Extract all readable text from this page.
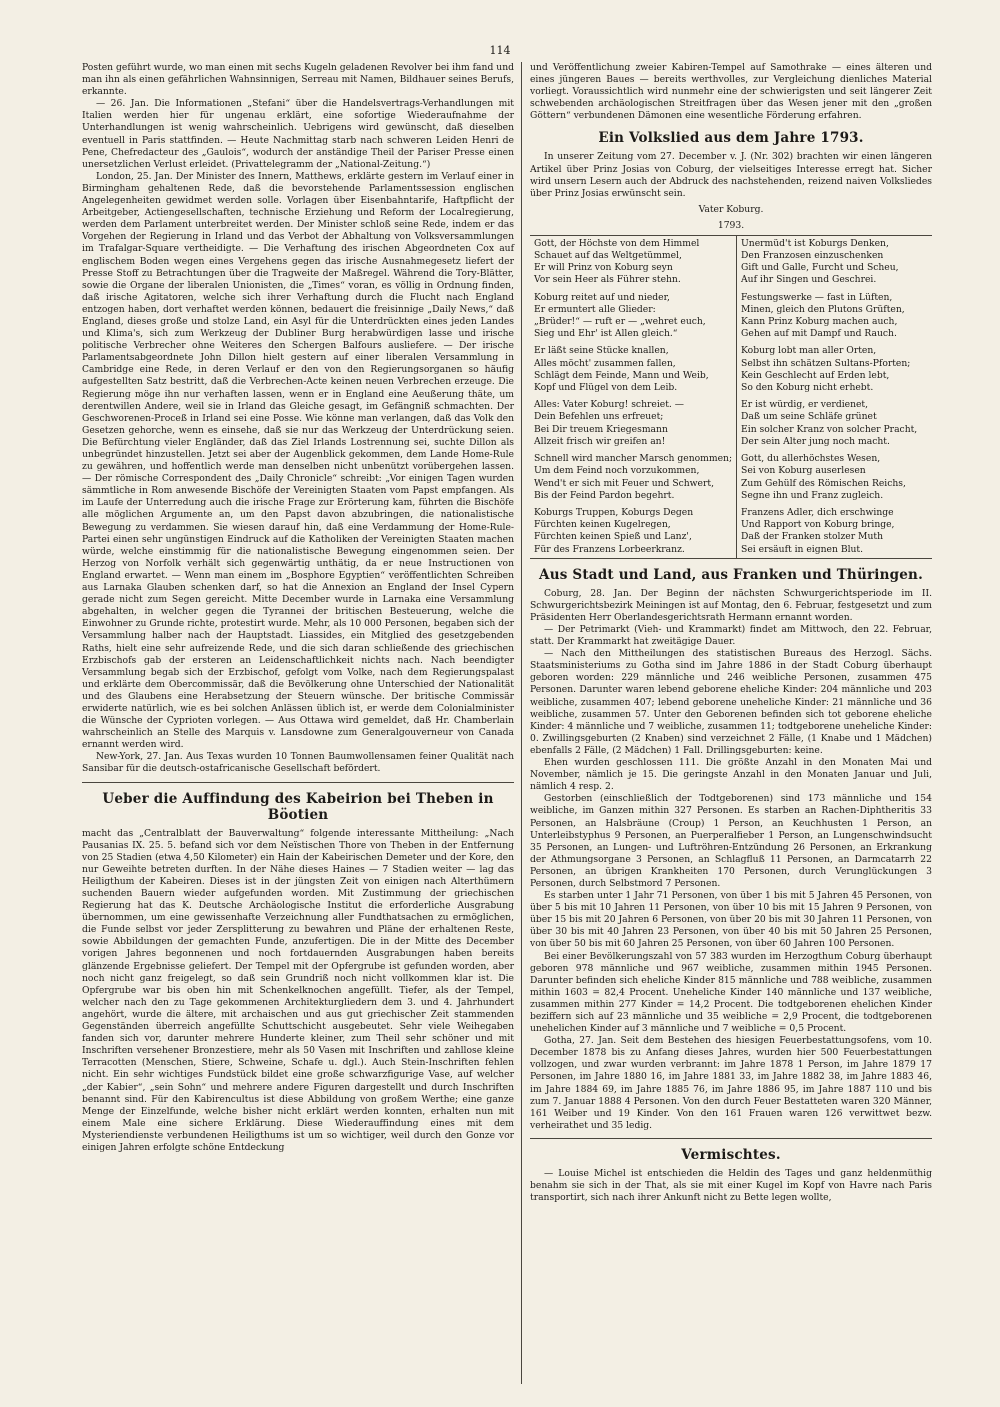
114

Posten geführt wurde, wo man einen mit sechs Kugeln geladenen Revolver bei ihm fand und man ihn als einen gefährlichen Wahnsinnigen, Serreau mit Namen, Bildhauer seines Berufs, erkannte.

— 26. Jan. Die Informationen „Stefani“ über die Handelsvertrags-Verhandlungen mit Italien werden hier für ungenau erklärt, eine sofortige Wiederaufnahme der Unterhandlungen ist wenig wahrscheinlich. Uebrigens wird gewünscht, daß dieselben eventuell in Paris stattfinden. — Heute Nachmittag starb nach schweren Leiden Henri de Pene, Chefredacteur des „Gaulois“, wodurch der anständige Theil der Pariser Presse einen unersetzlichen Verlust erleidet. (Privattelegramm der „National-Zeitung.“)

London, 25. Jan. Der Minister des Innern, Matthews, erklärte gestern im Verlauf einer in Birmingham gehaltenen Rede, daß die bevorstehende Parlamentssession englischen Angelegenheiten gewidmet werden solle. Vorlagen über Eisenbahntarife, Haftpflicht der Arbeitgeber, Actiengesellschaften, technische Erziehung und Reform der Localregierung, werden dem Parlament unterbreitet werden. Der Minister schloß seine Rede, indem er das Vorgehen der Regierung in Irland und das Verbot der Abhaltung von Volksversammlungen im Trafalgar-Square vertheidigte. — Die Verhaftung des irischen Abgeordneten Cox auf englischem Boden wegen eines Vergehens gegen das irische Ausnahmegesetz liefert der Presse Stoff zu Betrachtungen über die Tragweite der Maßregel. Während die Tory-Blätter, sowie die Organe der liberalen Unionisten, die „Times“ voran, es völlig in Ordnung finden, daß irische Agitatoren, welche sich ihrer Verhaftung durch die Flucht nach England entzogen haben, dort verhaftet werden können, bedauert die freisinnige „Daily News,“ daß England, dieses große und stolze Land, ein Asyl für die Unterdrückten eines jeden Landes und Klima's, sich zum Werkzeug der Dubliner Burg herabwürdigen lasse und irische politische Verbrecher ohne Weiteres den Schergen Balfours ausliefere. — Der irische Parlamentsabgeordnete John Dillon hielt gestern auf einer liberalen Versammlung in Cambridge eine Rede, in deren Verlauf er den von den Regierungsorganen so häufig aufgestellten Satz bestritt, daß die Verbrechen-Acte keinen neuen Verbrechen erzeuge. Die Regierung möge ihn nur verhaften lassen, wenn er in England eine Aeußerung thäte, um derentwillen Andere, weil sie in Irland das Gleiche gesagt, im Gefängniß schmachten. Der Geschworenen-Proceß in Irland sei eine Posse. Wie könne man verlangen, daß das Volk den Gesetzen gehorche, wenn es einsehe, daß sie nur das Werkzeug der Unterdrückung seien. Die Befürchtung vieler Engländer, daß das Ziel Irlands Lostrennung sei, suchte Dillon als unbegründet hinzustellen. Jetzt sei aber der Augenblick gekommen, dem Lande Home-Rule zu gewähren, und hoffentlich werde man denselben nicht unbenützt vorübergehen lassen. — Der römische Correspondent des „Daily Chronicle“ schreibt: „Vor einigen Tagen wurden sämmtliche in Rom anwesende Bischöfe der Vereinigten Staaten vom Papst empfangen. Als im Laufe der Unterredung auch die irische Frage zur Erörterung kam, führten die Bischöfe alle möglichen Argumente an, um den Papst davon abzubringen, die nationalistische Bewegung zu verdammen. Sie wiesen darauf hin, daß eine Verdammung der Home-Rule-Partei einen sehr ungünstigen Eindruck auf die Katholiken der Vereinigten Staaten machen würde, welche einstimmig für die nationalistische Bewegung eingenommen seien. Der Herzog von Norfolk verhält sich gegenwärtig unthätig, da er neue Instructionen von England erwartet. — Wenn man einem im „Bosphore Egyptien“ veröffentlichten Schreiben aus Larnaka Glauben schenken darf, so hat die Annexion an England der Insel Cypern gerade nicht zum Segen gereicht. Mitte December wurde in Larnaka eine Versammlung abgehalten, in welcher gegen die Tyrannei der britischen Besteuerung, welche die Einwohner zu Grunde richte, protestirt wurde. Mehr, als 10 000 Personen, begaben sich der Versammlung halber nach der Hauptstadt. Liassides, ein Mitglied des gesetzgebenden Raths, hielt eine sehr aufreizende Rede, und die sich daran schließende des griechischen Erzbischofs gab der ersteren an Leidenschaftlichkeit nichts nach. Nach beendigter Versammlung begab sich der Erzbischof, gefolgt vom Volke, nach dem Regierungspalast und erklärte dem Obercommissär, daß die Bevölkerung ohne Unterschied der Nationalität und des Glaubens eine Herabsetzung der Steuern wünsche. Der britische Commissär erwiderte natürlich, wie es bei solchen Anlässen üblich ist, er werde dem Colonialminister die Wünsche der Cyprioten vorlegen. — Aus Ottawa wird gemeldet, daß Hr. Chamberlain wahrscheinlich an Stelle des Marquis v. Lansdowne zum Generalgouverneur von Canada ernannt werden wird.

New-York, 27. Jan. Aus Texas wurden 10 Tonnen Baumwollensamen feiner Qualität nach Sansibar für die deutsch-ostafricanische Gesellschaft befördert.

Ueber die Auffindung des Kabeirion bei Theben in Böotien

macht das „Centralblatt der Bauverwaltung“ folgende interessante Mittheilung: „Nach Pausanias IX. 25. 5. befand sich vor dem Neïstischen Thore von Theben in der Entfernung von 25 Stadien (etwa 4,50 Kilometer) ein Hain der Kabeirischen Demeter und der Kore, den nur Geweihte betreten durften. In der Nähe dieses Haines — 7 Stadien weiter — lag das Heiligthum der Kabeiren. Dieses ist in der jüngsten Zeit von einigen nach Alterthümern suchenden Bauern wieder aufgefunden worden. Mit Zustimmung der griechischen Regierung hat das K. Deutsche Archäologische Institut die erforderliche Ausgrabung übernommen, um eine gewissenhafte Verzeichnung aller Fundthatsachen zu ermöglichen, die Funde selbst vor jeder Zersplitterung zu bewahren und Pläne der erhaltenen Reste, sowie Abbildungen der gemachten Funde, anzufertigen. Die in der Mitte des December vorigen Jahres begonnenen und noch fortdauernden Ausgrabungen haben bereits glänzende Ergebnisse geliefert. Der Tempel mit der Opfergrube ist gefunden worden, aber noch nicht ganz freigelegt, so daß sein Grundriß noch nicht vollkommen klar ist. Die Opfergrube war bis oben hin mit Schenkelknochen angefüllt. Tiefer, als der Tempel, welcher nach den zu Tage gekommenen Architekturgliedern dem 3. und 4. Jahrhundert angehört, wurde die ältere, mit archaischen und aus gut griechischer Zeit stammenden Gegenständen überreich angefüllte Schuttschicht ausgebeutet. Sehr viele Weihegaben fanden sich vor, darunter mehrere Hunderte kleiner, zum Theil sehr schöner und mit Inschriften versehener Bronzestiere, mehr als 50 Vasen mit Inschriften und zahllose kleine Terracotten (Menschen, Stiere, Schweine, Schafe u. dgl.). Auch Stein-Inschriften fehlen nicht. Ein sehr wichtiges Fundstück bildet eine große schwarzfigurige Vase, auf welcher „der Kabier“, „sein Sohn“ und mehrere andere Figuren dargestellt und durch Inschriften benannt sind. Für den Kabirencultus ist diese Abbildung von großem Werthe; eine ganze Menge der Einzelfunde, welche bisher nicht erklärt werden konnten, erhalten nun mit einem Male eine sichere Erklärung. Diese Wiederauffindung eines mit dem Mysteriendienste verbundenen Heiligthums ist um so wichtiger, weil durch den Gonze vor einigen Jahren erfolgte schöne Entdeckung

und Veröffentlichung zweier Kabiren-Tempel auf Samothrake — eines älteren und eines jüngeren Baues — bereits werthvolles, zur Vergleichung dienliches Material vorliegt. Voraussichtlich wird nunmehr eine der schwierigsten und seit längerer Zeit schwebenden archäologischen Streitfragen über das Wesen jener mit den „großen Göttern“ verbundenen Dämonen eine wesentliche Förderung erfahren.

Ein Volkslied aus dem Jahre 1793.

In unserer Zeitung vom 27. December v. J. (Nr. 302) brachten wir einen längeren Artikel über Prinz Josias von Coburg, der vielseitiges Interesse erregt hat. Sicher wird unsern Lesern auch der Abdruck des nachstehenden, reizend naiven Volksliedes über Prinz Josias erwünscht sein.

Vater Koburg.
1793.
Gott, der Höchste von dem Himmel
Schauet auf das Weltgetümmel,
Er will Prinz von Koburg seyn
Vor sein Heer als Führer stehn.
Koburg reitet auf und nieder,
Er ermuntert alle Glieder:
„Brüder!“ — ruft er — „wehret euch,
Sieg und Ehr' ist Allen gleich.“
Er läßt seine Stücke knallen,
Alles möcht' zusammen fallen,
Schlägt dem Feinde, Mann und Weib,
Kopf und Flügel von dem Leib.
Alles: Vater Koburg! schreiet. —
Dein Befehlen uns erfreuet;
Bei Dir treuem Kriegesmann
Allzeit frisch wir greifen an!
Schnell wird mancher Marsch genommen;
Um dem Feind noch vorzukommen,
Wend't er sich mit Feuer und Schwert,
Bis der Feind Pardon begehrt.
Koburgs Truppen, Koburgs Degen
Fürchten keinen Kugelregen,
Fürchten keinen Spieß und Lanz',
Für des Franzens Lorbeerkranz.
Unermüd't ist Koburgs Denken,
Den Franzosen einzuschenken
Gift und Galle, Furcht und Scheu,
Auf ihr Singen und Geschrei.
Festungswerke — fast in Lüften,
Minen, gleich den Plutons Grüften,
Kann Prinz Koburg machen auch,
Gehen auf mit Dampf und Rauch.
Koburg lobt man aller Orten,
Selbst ihn schätzen Sultans-Pforten;
Kein Geschlecht auf Erden lebt,
So den Koburg nicht erhebt.
Er ist würdig, er verdienet,
Daß um seine Schläfe grünet
Ein solcher Kranz von solcher Pracht,
Der sein Alter jung noch macht.
Gott, du allerhöchstes Wesen,
Sei von Koburg auserlesen
Zum Gehülf des Römischen Reichs,
Segne ihn und Franz zugleich.
Franzens Adler, dich erschwinge
Und Rapport von Koburg bringe,
Daß der Franken stolzer Muth
Sei ersäuft in eignen Blut.
Aus Stadt und Land, aus Franken und Thüringen.

Coburg, 28. Jan. Der Beginn der nächsten Schwurgerichtsperiode im II. Schwurgerichtsbezirk Meiningen ist auf Montag, den 6. Februar, festgesetzt und zum Präsidenten Herr Oberlandesgerichtsrath Hermann ernannt worden.

— Der Petrimarkt (Vieh- und Krammarkt) findet am Mittwoch, den 22. Februar, statt. Der Krammarkt hat zweitägige Dauer.

— Nach den Mittheilungen des statistischen Bureaus des Herzogl. Sächs. Staatsministeriums zu Gotha sind im Jahre 1886 in der Stadt Coburg überhaupt geboren worden: 229 männliche und 246 weibliche Personen, zusammen 475 Personen. Darunter waren lebend geborene eheliche Kinder: 204 männliche und 203 weibliche, zusammen 407; lebend geborene uneheliche Kinder: 21 männliche und 36 weibliche, zusammen 57. Unter den Geborenen befinden sich tot geborene eheliche Kinder: 4 männliche und 7 weibliche, zusammen 11; todtgeborene uneheliche Kinder: 0. Zwillingsgeburten (2 Knaben) sind verzeichnet 2 Fälle, (1 Knabe und 1 Mädchen) ebenfalls 2 Fälle, (2 Mädchen) 1 Fall. Drillingsgeburten: keine.

Ehen wurden geschlossen 111. Die größte Anzahl in den Monaten Mai und November, nämlich je 15. Die geringste Anzahl in den Monaten Januar und Juli, nämlich 4 resp. 2.

Gestorben (einschließlich der Todtgeborenen) sind 173 männliche und 154 weibliche, im Ganzen mithin 327 Personen. Es starben an Rachen-Diphtheritis 33 Personen, an Halsbräune (Croup) 1 Person, an Keuchhusten 1 Person, an Unterleibstyphus 9 Personen, an Puerperalfieber 1 Person, an Lungenschwindsucht 35 Personen, an Lungen- und Luftröhren-Entzündung 26 Personen, an Erkrankung der Athmungsorgane 3 Personen, an Schlagfluß 11 Personen, an Darmcatarrh 22 Personen, an übrigen Krankheiten 170 Personen, durch Verunglückungen 3 Personen, durch Selbstmord 7 Personen.

Es starben unter 1 Jahr 71 Personen, von über 1 bis mit 5 Jahren 45 Personen, von über 5 bis mit 10 Jahren 11 Personen, von über 10 bis mit 15 Jahren 9 Personen, von über 15 bis mit 20 Jahren 6 Personen, von über 20 bis mit 30 Jahren 11 Personen, von über 30 bis mit 40 Jahren 23 Personen, von über 40 bis mit 50 Jahren 25 Personen, von über 50 bis mit 60 Jahren 25 Personen, von über 60 Jahren 100 Personen.

Bei einer Bevölkerungszahl von 57 383 wurden im Herzogthum Coburg überhaupt geboren 978 männliche und 967 weibliche, zusammen mithin 1945 Personen. Darunter befinden sich eheliche Kinder 815 männliche und 788 weibliche, zusammen mithin 1603 = 82,4 Procent. Uneheliche Kinder 140 männliche und 137 weibliche, zusammen mithin 277 Kinder = 14,2 Procent. Die todtgeborenen ehelichen Kinder beziffern sich auf 23 männliche und 35 weibliche = 2,9 Procent, die todtgeborenen unehelichen Kinder auf 3 männliche und 7 weibliche = 0,5 Procent.

Gotha, 27. Jan. Seit dem Bestehen des hiesigen Feuerbestattungsofens, vom 10. December 1878 bis zu Anfang dieses Jahres, wurden hier 500 Feuerbestattungen vollzogen, und zwar wurden verbrannt: im Jahre 1878 1 Person, im Jahre 1879 17 Personen, im Jahre 1880 16, im Jahre 1881 33, im Jahre 1882 38, im Jahre 1883 46, im Jahre 1884 69, im Jahre 1885 76, im Jahre 1886 95, im Jahre 1887 110 und bis zum 7. Januar 1888 4 Personen. Von den durch Feuer Bestatteten waren 320 Männer, 161 Weiber und 19 Kinder. Von den 161 Frauen waren 126 verwittwet bezw. verheirathet und 35 ledig.

Vermischtes.

— Louise Michel ist entschieden die Heldin des Tages und ganz heldenmüthig benahm sie sich in der That, als sie mit einer Kugel im Kopf von Havre nach Paris transportirt, sich nach ihrer Ankunft nicht zu Bette legen wollte,
